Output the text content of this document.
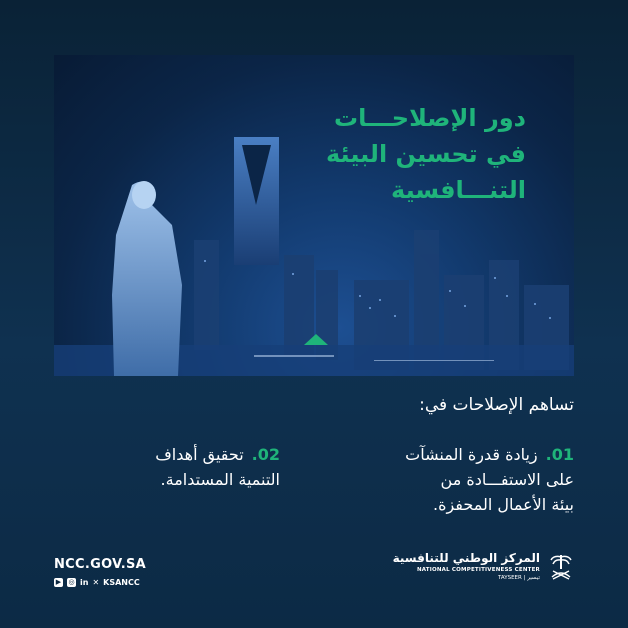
دور الإصلاحـــات
في تحسين البيئة
التنـــافسية
تساهم الإصلاحات في:
01.زيادة قدرة المنشآت
على الاستفـــادة من
بيئة الأعمال المحفزة.
02.تحقيق أهداف
التنمية المستدامة.
NCC.GOV.SA
▶ ◎ in ✕ KSANCC
المركز الوطني للتنافسية
NATIONAL COMPETITIVENESS CENTER
TAYSEER | تيسير
